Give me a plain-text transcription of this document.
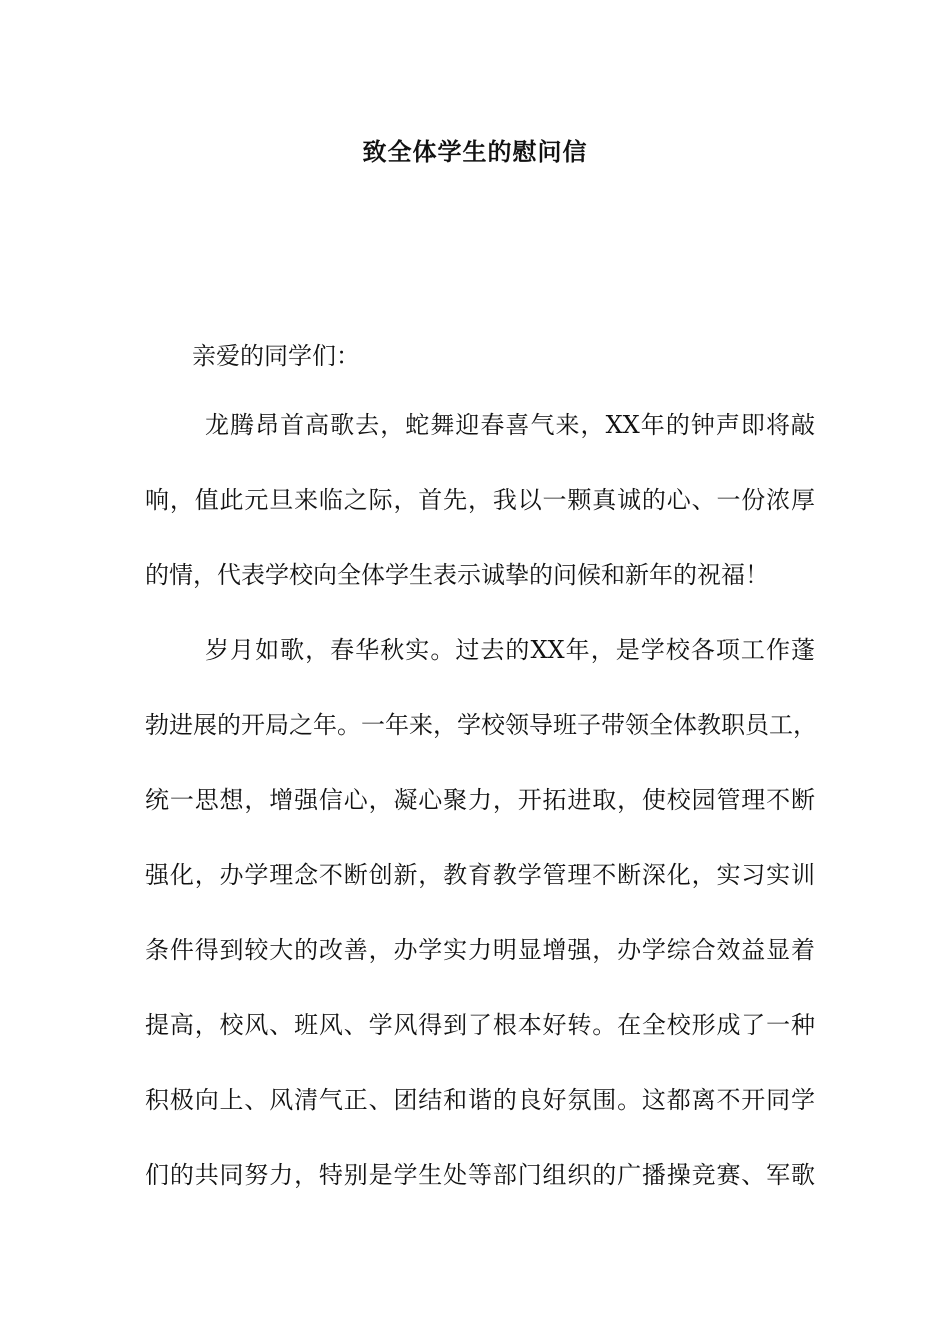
致全体学生的慰问信
亲爱的同学们：
龙腾昂首高歌去，蛇舞迎春喜气来，XX年的钟声即将敲
响，值此元旦来临之际，首先，我以一颗真诚的心、一份浓厚
的情，代表学校向全体学生表示诚挚的问候和新年的祝福！
岁月如歌，春华秋实。过去的XX年，是学校各项工作蓬
勃进展的开局之年。一年来，学校领导班子带领全体教职员工，
统一思想，增强信心，凝心聚力，开拓进取，使校园管理不断
强化，办学理念不断创新，教育教学管理不断深化，实习实训
条件得到较大的改善，办学实力明显增强，办学综合效益显着
提高，校风、班风、学风得到了根本好转。在全校形成了一种
积极向上、风清气正、团结和谐的良好氛围。这都离不开同学
们的共同努力，特别是学生处等部门组织的广播操竞赛、军歌
